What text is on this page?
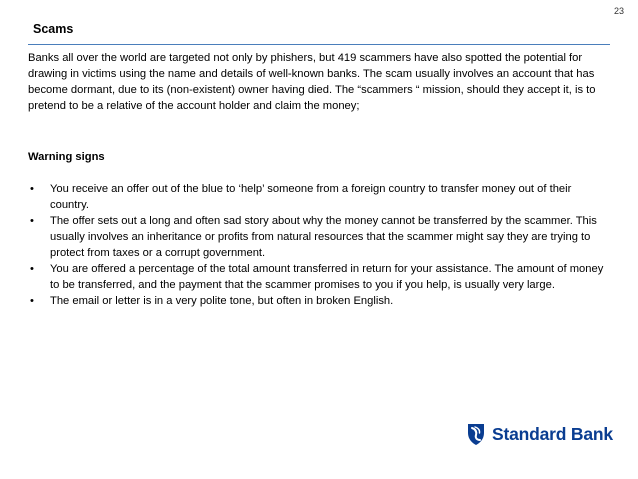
23
Scams

Banks all over the world are targeted not only by phishers, but 419 scammers have also spotted the potential for drawing in victims using the name and details of well-known banks. The scam usually involves an account that has become dormant, due to its (non-existent) owner having died. The “scammers “ mission, should they accept it, is to pretend to be a relative of the account holder and claim the money;

Warning signs

• You receive an offer out of the blue to ‘help’ someone from a foreign country to transfer money out of their country.
• The offer sets out a long and often sad story about why the money cannot be transferred by the scammer. This usually involves an inheritance or profits from natural resources that the scammer might say they are trying to protect from taxes or a corrupt government.
• You are offered a percentage of the total amount transferred in return for your assistance. The amount of money to be transferred, and the payment that the scammer promises to you if you help, is usually very large.
• The email or letter is in a very polite tone, but often in broken English.
Standard Bank
